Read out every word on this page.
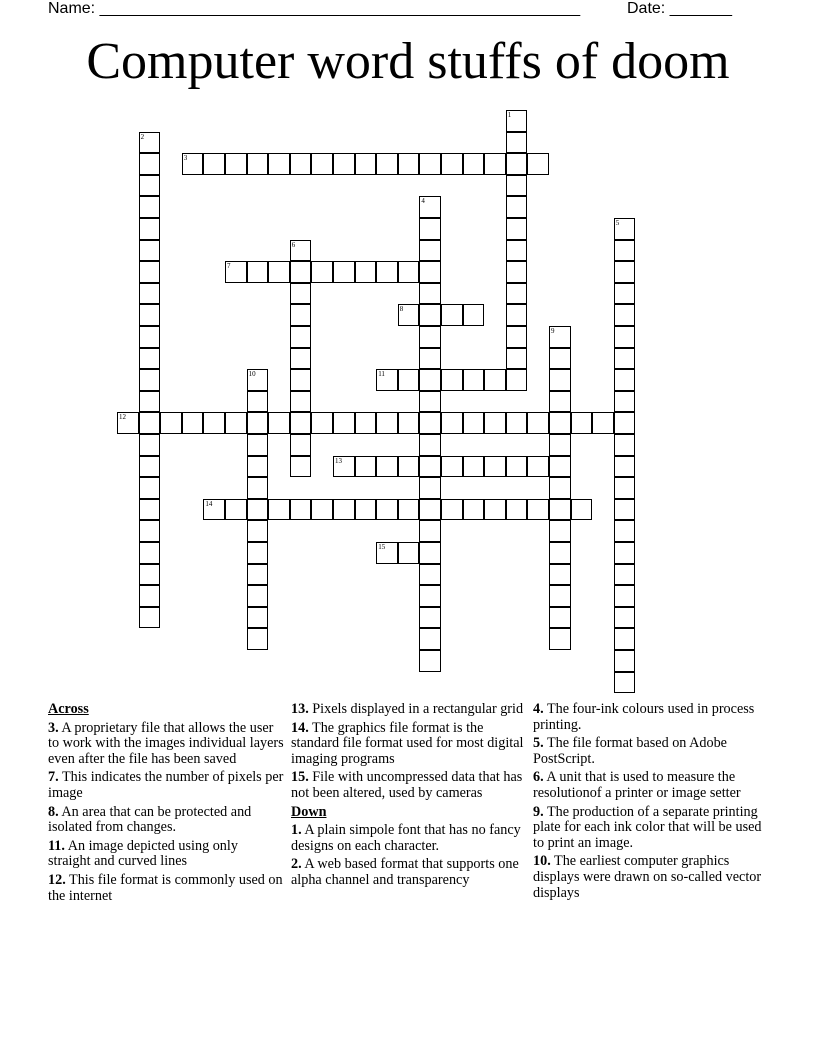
Name: ______________________________________________________	Date: _______
Computer word stuffs of doom
3
7
8
11
12
13
14
15
1
2
4
5
6
9
10
Across
3. A proprietary file that allows the user to work with the images individual layers even after the file has been saved
7. This indicates the number of pixels per image
8. An area that can be protected and isolated from changes.
11. An image depicted using only straight and curved lines
12. This file format is commonly used on the internet
13. Pixels displayed in a rectangular grid
14. The graphics file format is the standard file format used for most digital imaging programs
15. File with uncompressed data that has not been altered, used by cameras
Down
1. A plain simpole font that has no fancy designs on each character.
2. A web based format that supports one alpha channel and transparency
4. The four-ink colours used in process printing.
5. The file format based on Adobe PostScript.
6. A unit that is used to measure the resolutionof a printer or image setter
9. The production of a separate printing plate for each ink color that will be used to print an image.
10. The earliest computer graphics displays were drawn on so-called vector displays
